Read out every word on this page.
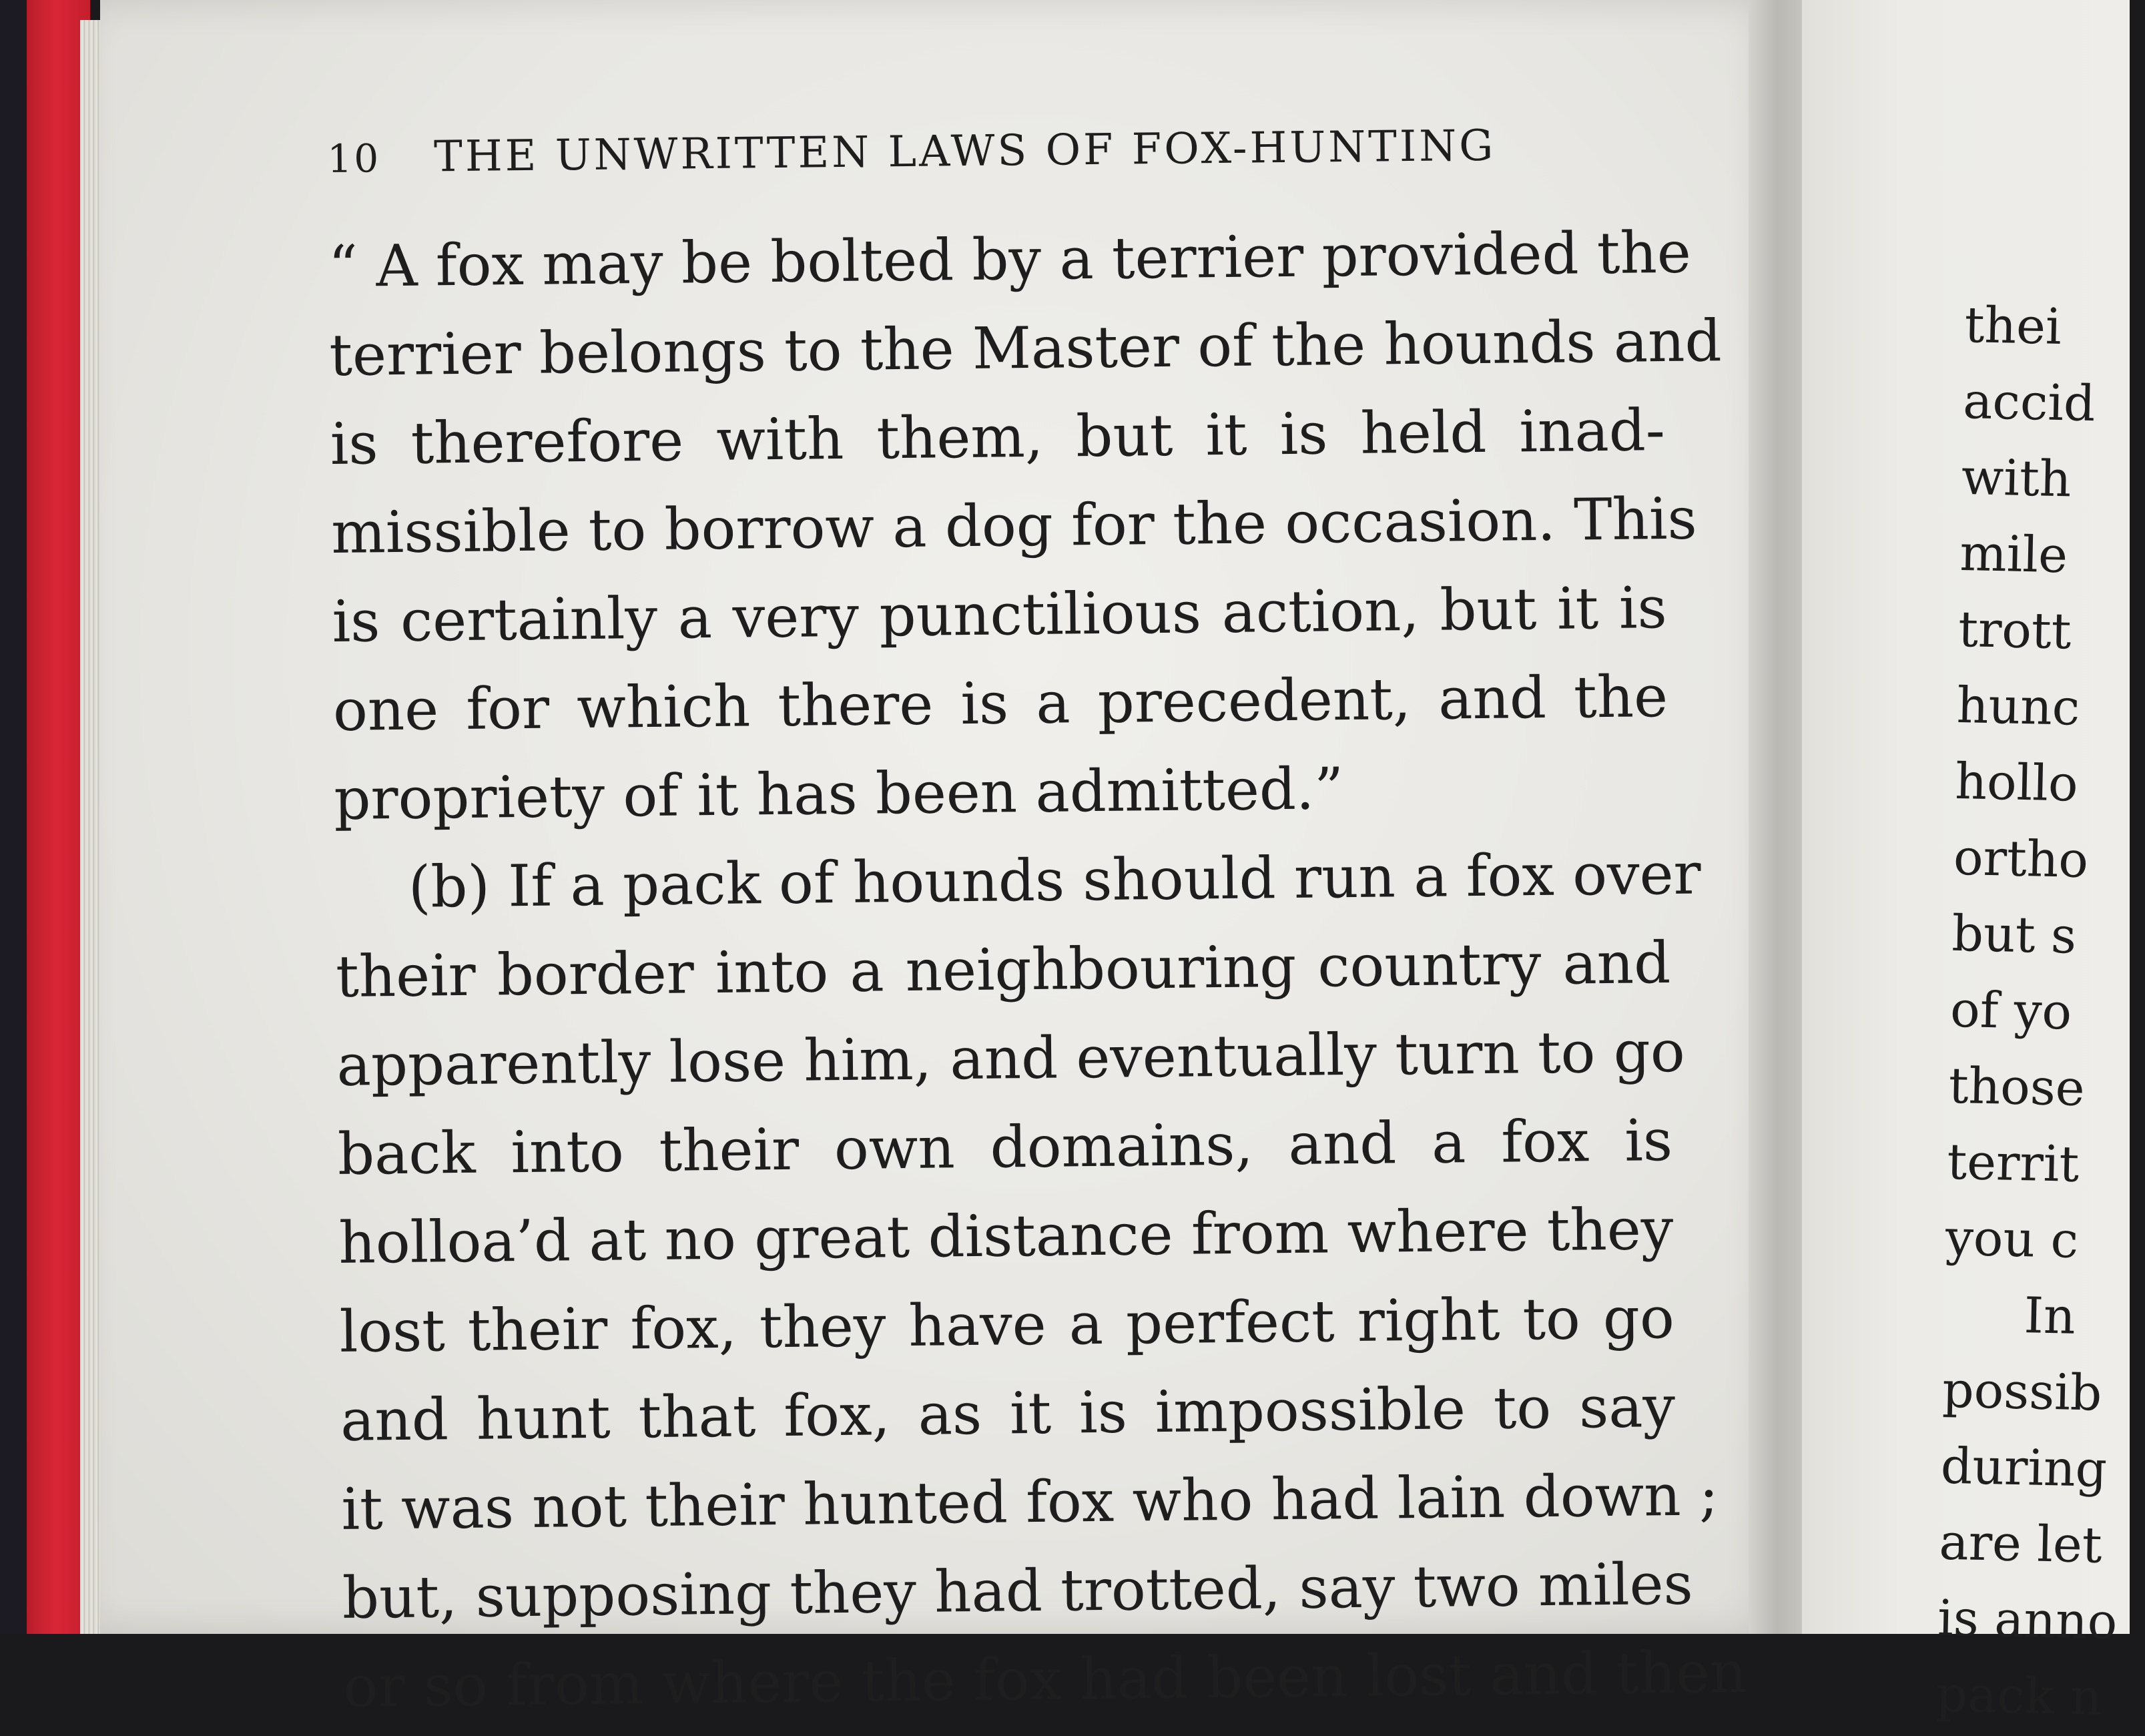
10 THE UNWRITTEN LAWS OF FOX-HUNTING
“ A fox may be bolted by a terrier provided the
terrier belongs to the Master of the hounds and
is therefore with them, but it is held inad-
missible to borrow a dog for the occasion. This
is certainly a very punctilious action, but it is
one for which there is a precedent, and the
propriety of it has been admitted.”
(b) If a pack of hounds should run a fox over
their border into a neighbouring country and
apparently lose him, and eventually turn to go
back into their own domains, and a fox is
holloa’d at no great distance from where they
lost their fox, they have a perfect right to go
and hunt that fox, as it is impossible to say
it was not their hunted fox who had lain down ;
but, supposing they had trotted, say two miles
or so from where the fox had been lost and then
thei
accid
with
mile
trott
hunc
hollo
ortho
but s
of yo
those
territ
you c
In
possib
during
are let
is anno
pack n
